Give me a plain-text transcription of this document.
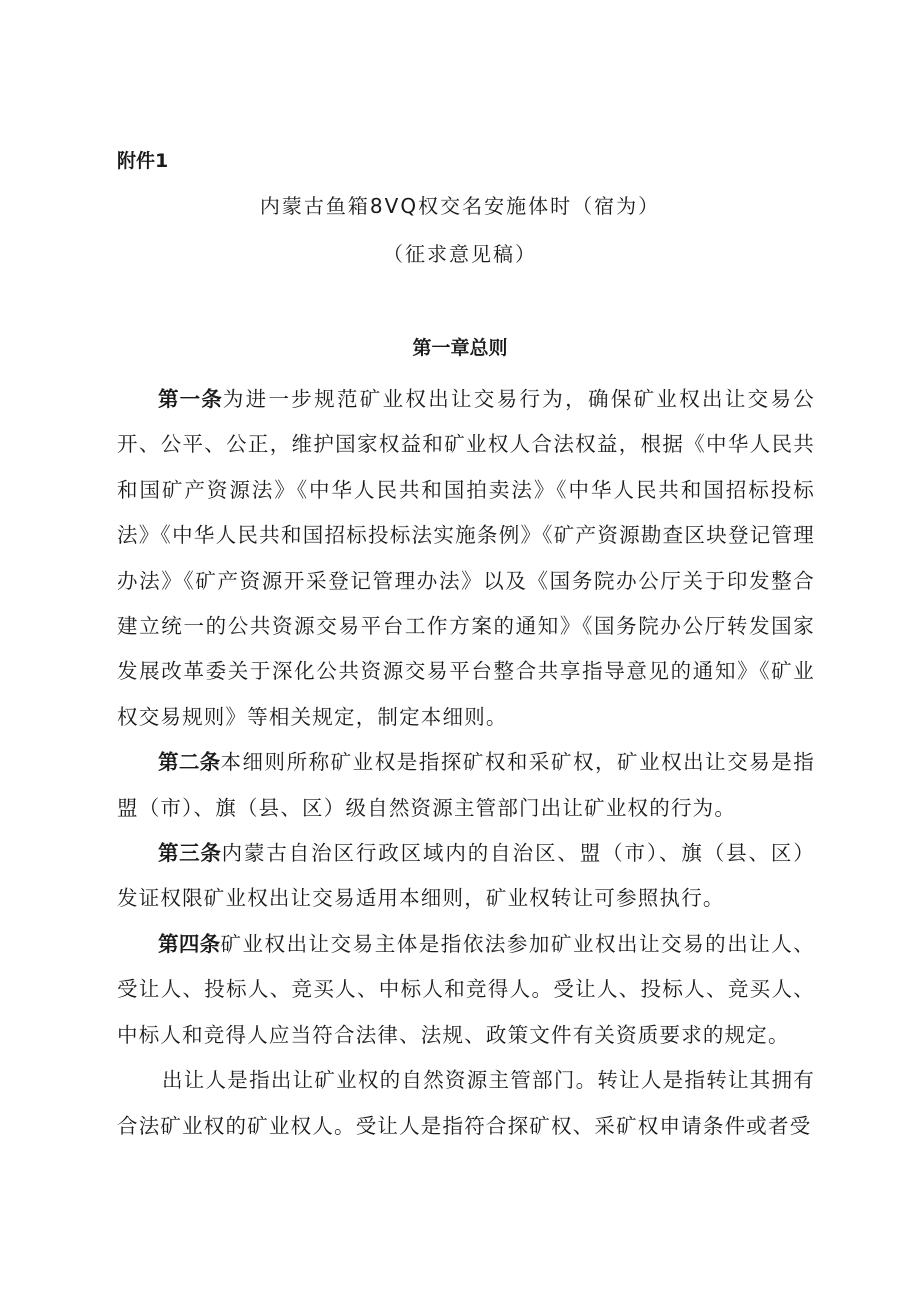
附件1
内蒙古鱼箱8VQ权交名安施体时（宿为）
（征求意见稿）
第一章总则

第一条为进一步规范矿业权出让交易行为，确保矿业权出让交易公开、公平、公正，维护国家权益和矿业权人合法权益，根据《中华人民共和国矿产资源法》《中华人民共和国拍卖法》《中华人民共和国招标投标法》《中华人民共和国招标投标法实施条例》《矿产资源勘查区块登记管理办法》《矿产资源开采登记管理办法》以及《国务院办公厅关于印发整合建立统一的公共资源交易平台工作方案的通知》《国务院办公厅转发国家发展改革委关于深化公共资源交易平台整合共享指导意见的通知》《矿业权交易规则》等相关规定，制定本细则。

第二条本细则所称矿业权是指探矿权和采矿权，矿业权出让交易是指盟（市）、旗（县、区）级自然资源主管部门出让矿业权的行为。

第三条内蒙古自治区行政区域内的自治区、盟（市）、旗（县、区）发证权限矿业权出让交易适用本细则，矿业权转让可参照执行。

第四条矿业权出让交易主体是指依法参加矿业权出让交易的出让人、受让人、投标人、竞买人、中标人和竞得人。受让人、投标人、竞买人、中标人和竞得人应当符合法律、法规、政策文件有关资质要求的规定。

出让人是指出让矿业权的自然资源主管部门。转让人是指转让其拥有合法矿业权的矿业权人。受让人是指符合探矿权、采矿权申请条件或者受
